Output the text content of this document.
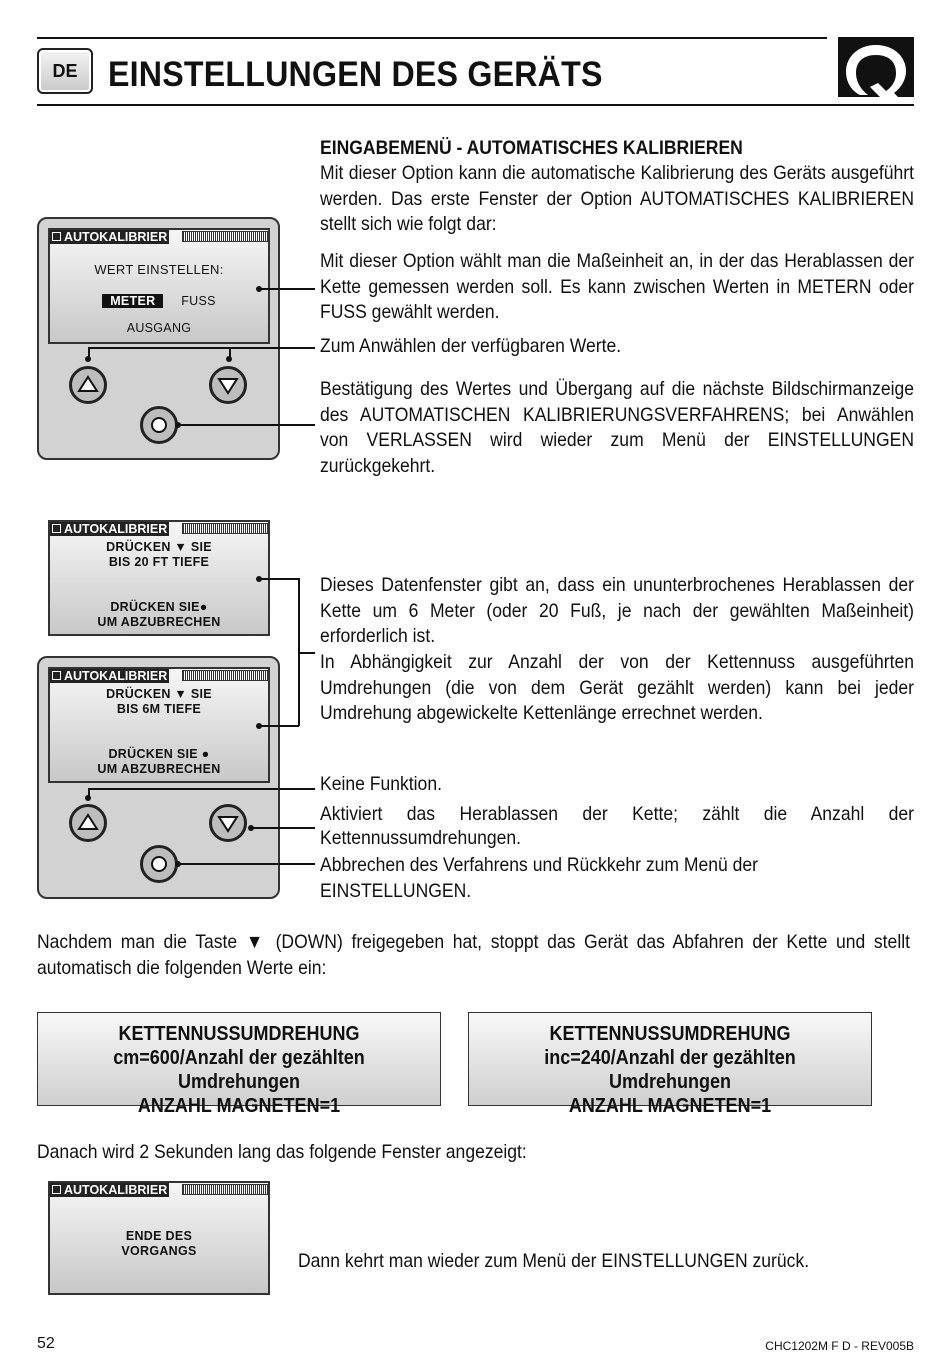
DE EINSTELLUNGEN DES GERÄTS
EINGABEMENÜ - AUTOMATISCHES KALIBRIEREN
Mit dieser Option kann die automatische Kalibrierung des Geräts ausgeführt werden. Das erste Fenster der Option AUTOMATISCHES KALIBRIEREN stellt sich wie folgt dar:
Mit dieser Option wählt man die Maßeinheit an, in der das Herablassen der Kette gemessen werden soll. Es kann zwischen Werten in METERN oder FUSS gewählt werden.
Zum Anwählen der verfügbaren Werte.
Bestätigung des Wertes und Übergang auf die nächste Bildschirmanzeige des AUTOMATISCHEN KALIBRIERUNGSVERFAHRENS; bei Anwählen von VERLASSEN wird wieder zum Menü der EINSTELLUNGEN zurückgekehrt.
AUTOKALIBRIER
WERT EINSTELLEN:
METER FUSS
AUSGANG
AUTOKALIBRIER
DRÜCKEN ▼ SIE
BIS 20 FT TIEFE
DRÜCKEN SIE●
UM ABZUBRECHEN
AUTOKALIBRIER
DRÜCKEN ▼ SIE
BIS 6M TIEFE
DRÜCKEN SIE ●
UM ABZUBRECHEN
Dieses Datenfenster gibt an, dass ein ununterbrochenes Herablassen der Kette um 6 Meter (oder 20 Fuß, je nach der gewählten Maßeinheit) erforderlich ist.
In Abhängigkeit zur Anzahl der von der Kettennuss ausgeführten Umdrehungen (die von dem Gerät gezählt werden) kann bei jeder Umdrehung abgewickelte Kettenlänge errechnet werden.
Keine Funktion.
Aktiviert das Herablassen der Kette; zählt die Anzahl der Kettennussumdrehungen.
Abbrechen des Verfahrens und Rückkehr zum Menü der EINSTELLUNGEN.
Nachdem man die Taste ▼ (DOWN) freigegeben hat, stoppt das Gerät das Abfahren der Kette und stellt automatisch die folgenden Werte ein:
KETTENNUSSUMDREHUNG
cm=600/Anzahl der gezählten Umdrehungen
ANZAHL MAGNETEN=1
KETTENNUSSUMDREHUNG
inc=240/Anzahl der gezählten Umdrehungen
ANZAHL MAGNETEN=1
Danach wird 2 Sekunden lang das folgende Fenster angezeigt:
AUTOKALIBRIER
ENDE DES
VORGANGS	Dann kehrt man wieder zum Menü der EINSTELLUNGEN zurück.
52	CHC1202M F D - REV005B
